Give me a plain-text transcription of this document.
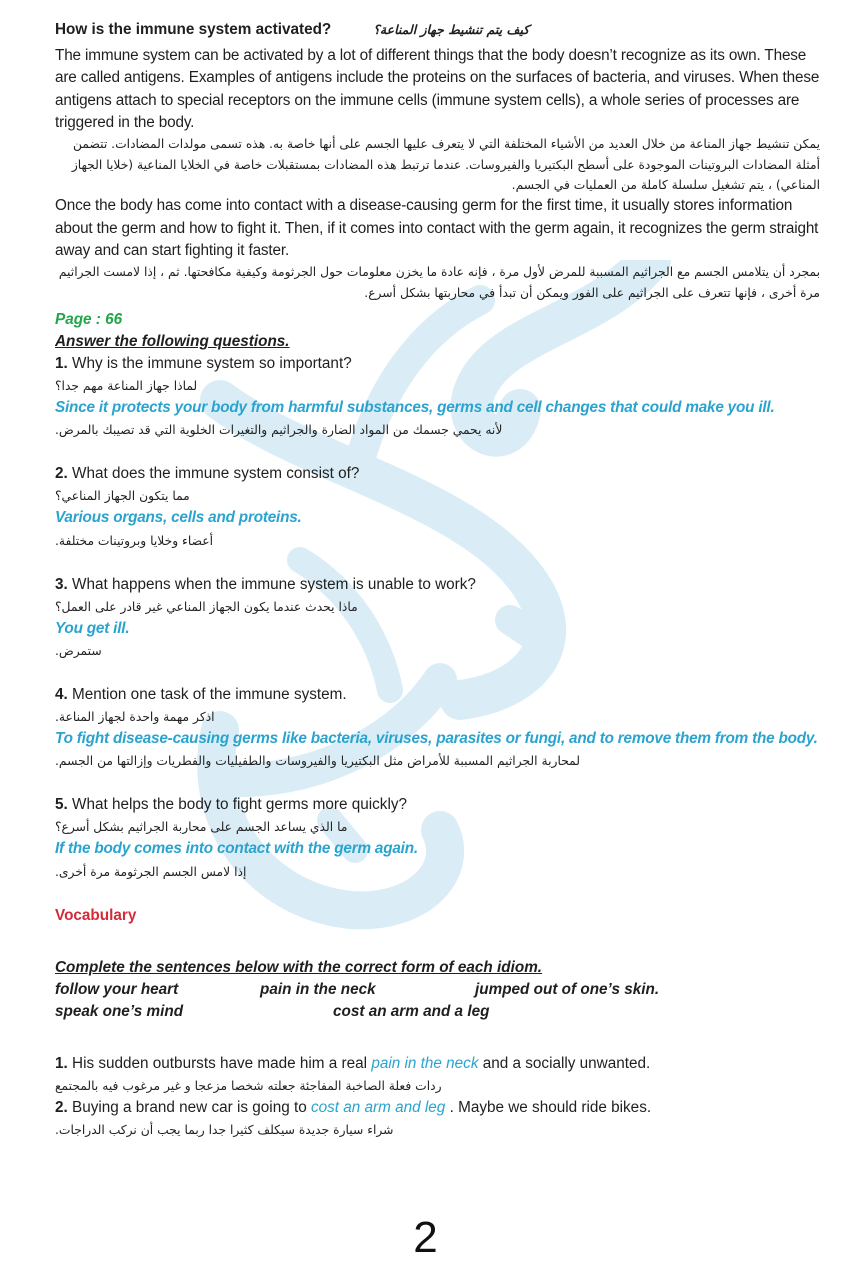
How is the immune system activated?	كيف يتم تنشيط جهاز المناعة؟

The immune system can be activated by a lot of different things that the body doesn’t recognize as its own. These are called antigens. Examples of antigens include the proteins on the surfaces of bacteria, and viruses. When these antigens attach to special receptors on the immune cells (immune system cells), a whole series of processes are triggered in the body.

يمكن تنشيط جهاز المناعة من خلال العديد من الأشياء المختلفة التي لا يتعرف عليها الجسم على أنها خاصة به. هذه تسمى مولدات المضادات. تتضمن أمثلة المضادات البروتينات الموجودة على أسطح البكتيريا والفيروسات. عندما ترتبط هذه المضادات بمستقبلات خاصة في الخلايا المناعية (خلايا الجهاز المناعي) ، يتم تشغيل سلسلة كاملة من العمليات في الجسم.

Once the body has come into contact with a disease-causing germ for the first time, it usually stores information about the germ and how to fight it. Then, if it comes into contact with the germ again, it recognizes the germ straight away and can start fighting it faster.

بمجرد أن يتلامس الجسم مع الجراثيم المسببة للمرض لأول مرة ، فإنه عادة ما يخزن معلومات حول الجرثومة وكيفية مكافحتها. ثم ، إذا لامست الجراثيم مرة أخرى ، فإنها تتعرف على الجراثيم على الفور ويمكن أن تبدأ في محاربتها بشكل أسرع.

Page : 66
Answer the following questions.

1. Why is the immune system so important?

لماذا جهاز المناعة مهم جدا؟

Since it protects your body from harmful substances, germs and cell changes that could make you ill.

لأنه يحمي جسمك من المواد الضارة والجراثيم والتغيرات الخلوية التي قد تصيبك بالمرض.

2. What does the immune system consist of?

مما يتكون الجهاز المناعي؟

Various organs, cells and proteins.

أعضاء وخلايا وبروتينات مختلفة.

3. What happens when the immune system is unable to work?

ماذا يحدث عندما يكون الجهاز المناعي غير قادر على العمل؟

You get ill.

ستمرض.

4. Mention one task of the immune system.

اذكر مهمة واحدة لجهاز المناعة.

To fight disease-causing germs like bacteria, viruses, parasites or fungi, and to remove them from the body.

لمحاربة الجراثيم المسببة للأمراض مثل البكتيريا والفيروسات والطفيليات والفطريات وإزالتها من الجسم.

5. What helps the body to fight germs more quickly?

ما الذي يساعد الجسم على محاربة الجراثيم بشكل أسرع؟

If the body comes into contact with the germ again.

إذا لامس الجسم الجرثومة مرة أخرى.

Vocabulary

Complete the sentences below with the correct form of each idiom.

follow your heart	pain in the neck	jumped out of one’s skin.
speak one’s mind	cost an arm and a leg

1. His sudden outbursts have made him a real pain in the neck and a socially unwanted.

ردات فعلة الصاخبة المفاجئة جعلته شخصا مزعجا و غير مرغوب فيه بالمجتمع

2. Buying a brand new car is going to cost an arm and leg . Maybe we should ride bikes.

شراء سيارة جديدة سيكلف كثيرا جدا ربما يجب أن نركب الدراجات.

2
